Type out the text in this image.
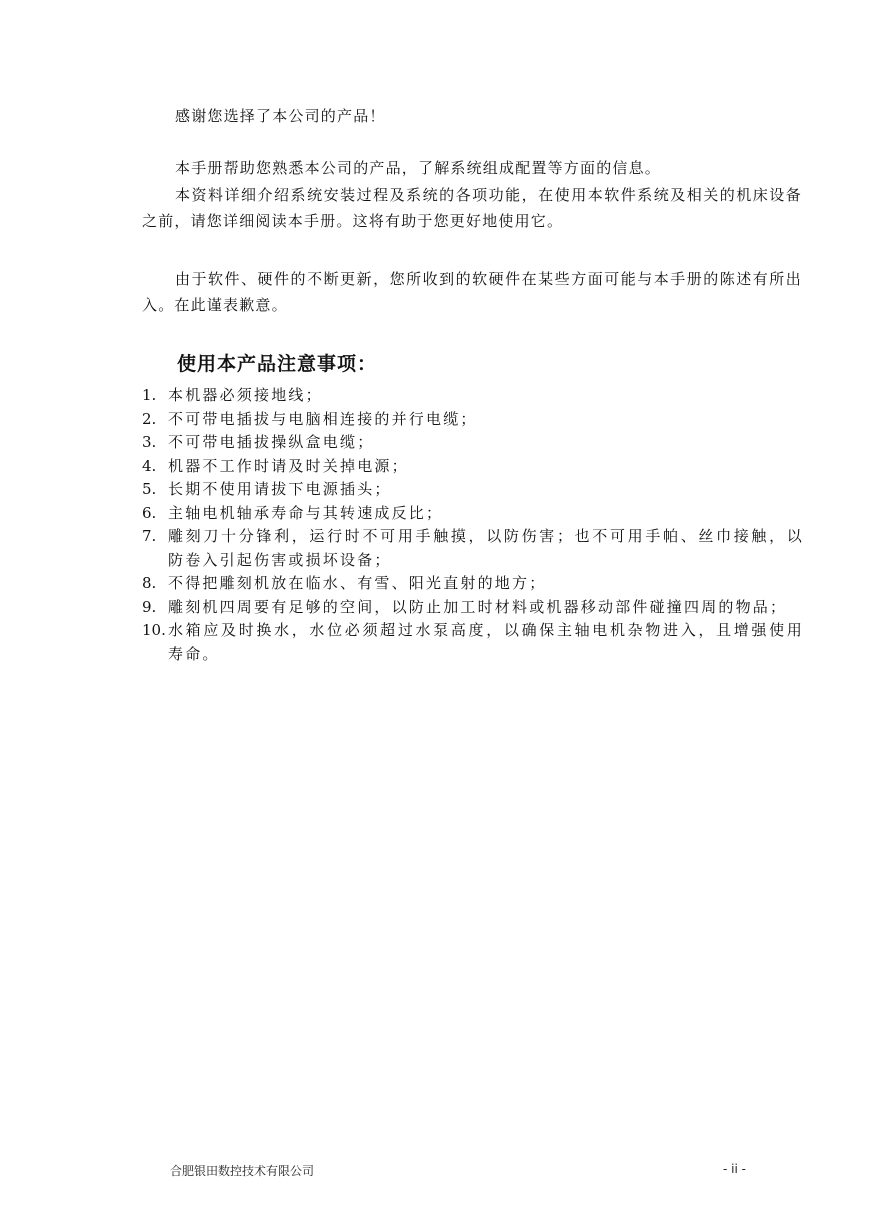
感谢您选择了本公司的产品！

本手册帮助您熟悉本公司的产品，了解系统组成配置等方面的信息。

本资料详细介绍系统安装过程及系统的各项功能，在使用本软件系统及相关的机床设备之前，请您详细阅读本手册。这将有助于您更好地使用它。

由于软件、硬件的不断更新，您所收到的软硬件在某些方面可能与本手册的陈述有所出入。在此谨表歉意。

使用本产品注意事项：
1. 本机器必须接地线；
2. 不可带电插拔与电脑相连接的并行电缆；
3. 不可带电插拔操纵盒电缆；
4. 机器不工作时请及时关掉电源；
5. 长期不使用请拔下电源插头；
6. 主轴电机轴承寿命与其转速成反比；
7. 雕刻刀十分锋利，运行时不可用手触摸，以防伤害；也不可用手帕、丝巾接触，以防卷入引起伤害或损坏设备；
8. 不得把雕刻机放在临水、有雪、阳光直射的地方；
9. 雕刻机四周要有足够的空间，以防止加工时材料或机器移动部件碰撞四周的物品；
10. 水箱应及时换水，水位必须超过水泵高度，以确保主轴电机杂物进入，且增强使用寿命。
合肥银田数控技术有限公司	- ii -
